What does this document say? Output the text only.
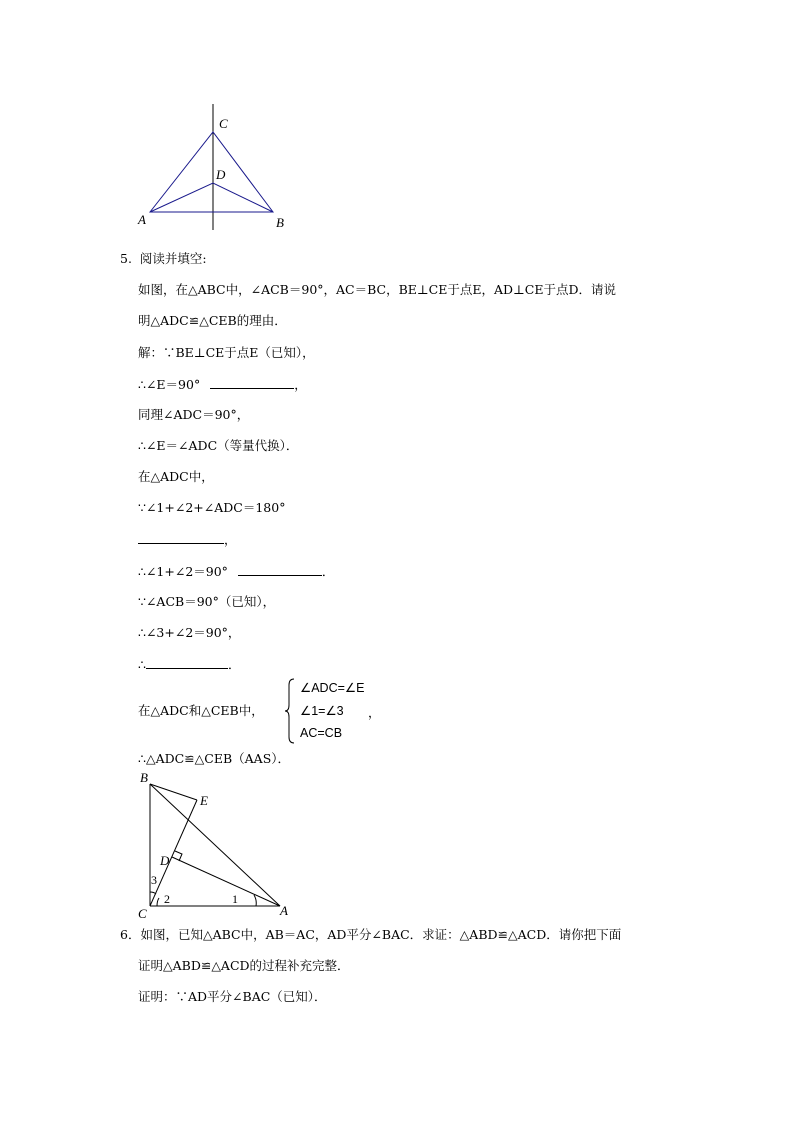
C
D
A	B
5. 阅读并填空:
如图，在△ABC中，∠ACB＝90°，AC＝BC，BE⊥CE于点E，AD⊥CE于点D．请说
明△ADC≌△CEB的理由．
解：∵BE⊥CE于点E（已知），
∴∠E＝90°	，
同理∠ADC＝90°，
∴∠E＝∠ADC（等量代换）．
在△ADC中，
∵∠1+∠2+∠ADC＝180°
，
∴∠1+∠2＝90°	．
∵∠ACB＝90°（已知），
∴∠3+∠2＝90°，
∴	．
在△ADC和△CEB中，
∠ADC=∠E
∠1=∠3
AC=CB
，
∴△ADC≌△CEB（AAS）．
B
E
D
C	A
1
2
3
6．如图，已知△ABC中，AB＝AC，AD平分∠BAC．求证：△ABD≌△ACD．请你把下面
证明△ABD≌△ACD的过程补充完整．
证明：∵AD平分∠BAC（已知）．
